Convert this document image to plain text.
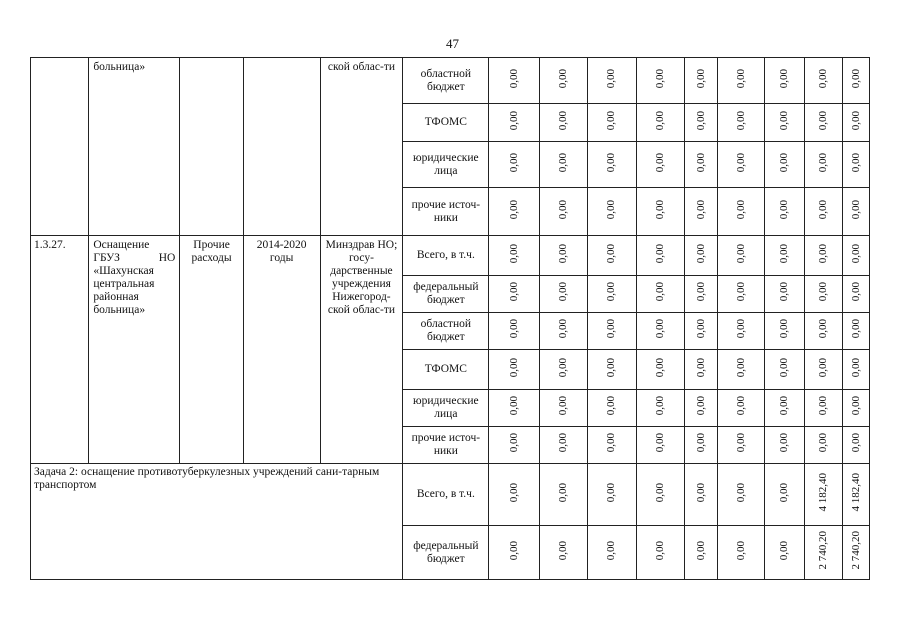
47
	больница»			ской облас-ти	областной бюджет	0,00	0,00	0,00	0,00	0,00	0,00	0,00	0,00	0,00
					ТФОМС	0,00	0,00	0,00	0,00	0,00	0,00	0,00	0,00	0,00
					юридические лица	0,00	0,00	0,00	0,00	0,00	0,00	0,00	0,00	0,00
					прочие источ-ники	0,00	0,00	0,00	0,00	0,00	0,00	0,00	0,00	0,00
1.3.27.	Оснащение ГБУЗ НО «Шахунская центральная районная больница»	Прочие расходы	2014-2020 годы	Минздрав НО; госу-дарственные учреждения Нижегород-ской облас-ти	Всего, в т.ч.	0,00	0,00	0,00	0,00	0,00	0,00	0,00	0,00	0,00
					федеральный бюджет	0,00	0,00	0,00	0,00	0,00	0,00	0,00	0,00	0,00
					областной бюджет	0,00	0,00	0,00	0,00	0,00	0,00	0,00	0,00	0,00
					ТФОМС	0,00	0,00	0,00	0,00	0,00	0,00	0,00	0,00	0,00
					юридические лица	0,00	0,00	0,00	0,00	0,00	0,00	0,00	0,00	0,00
					прочие источ-ники	0,00	0,00	0,00	0,00	0,00	0,00	0,00	0,00	0,00
Задача 2: оснащение противотуберкулезных учреждений сани-тарным транспортом					Всего, в т.ч.	0,00	0,00	0,00	0,00	0,00	0,00	0,00	4 182,40	4 182,40
					федеральный бюджет	0,00	0,00	0,00	0,00	0,00	0,00	0,00	2 740,20	2 740,20
